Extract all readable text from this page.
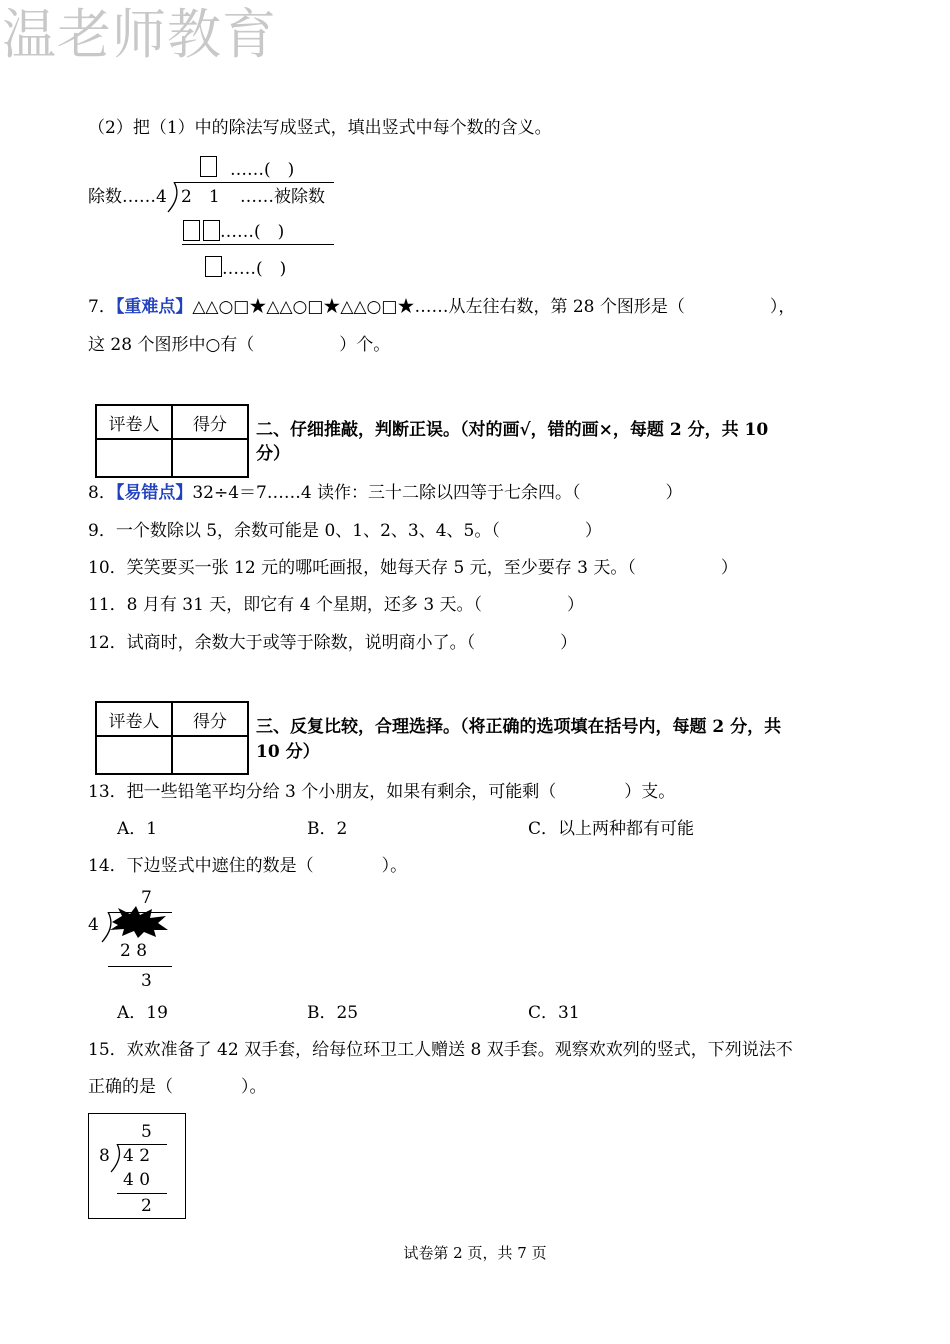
温老师教育
（2）把（1）中的除法写成竖式，填出竖式中每个数的含义。
……(　)
除数……4 2　1 ……被除数
……(　)
……(　)
7．【重难点】△△○□★△△○□★△△○□★……从左往右数，第 28 个图形是（　　　　　），
这 28 个图形中○有（　　　　　）个。
评卷人	得分
	二、仔细推敲，判断正误。（对的画√，错的画×，每题 2 分，共 10
分）
8．【易错点】32÷4＝7……4 读作：三十二除以四等于七余四。（　　　　　）
9．一个数除以 5，余数可能是 0、1、2、3、4、5。（　　　　　）
10．笑笑要买一张 12 元的哪吒画报，她每天存 5 元，至少要存 3 天。（　　　　　）
11．8 月有 31 天，即它有 4 个星期，还多 3 天。（　　　　　）
12．试商时，余数大于或等于除数，说明商小了。（　　　　　）
评卷人	得分
	三、反复比较，合理选择。（将正确的选项填在括号内，每题 2 分，共
10 分）
13．把一些铅笔平均分给 3 个小朋友，如果有剩余，可能剩（　　　　）支。
A．1	B．2	C．以上两种都有可能
14．下边竖式中遮住的数是（　　　　）。
7
4
2 8
3
A．19	B．25	C．31
15．欢欢准备了 42 双手套，给每位环卫工人赠送 8 双手套。观察欢欢列的竖式，下列说法不
正确的是（　　　　）。
5
8 4 2
4 0
2
试卷第 2 页，共 7 页
